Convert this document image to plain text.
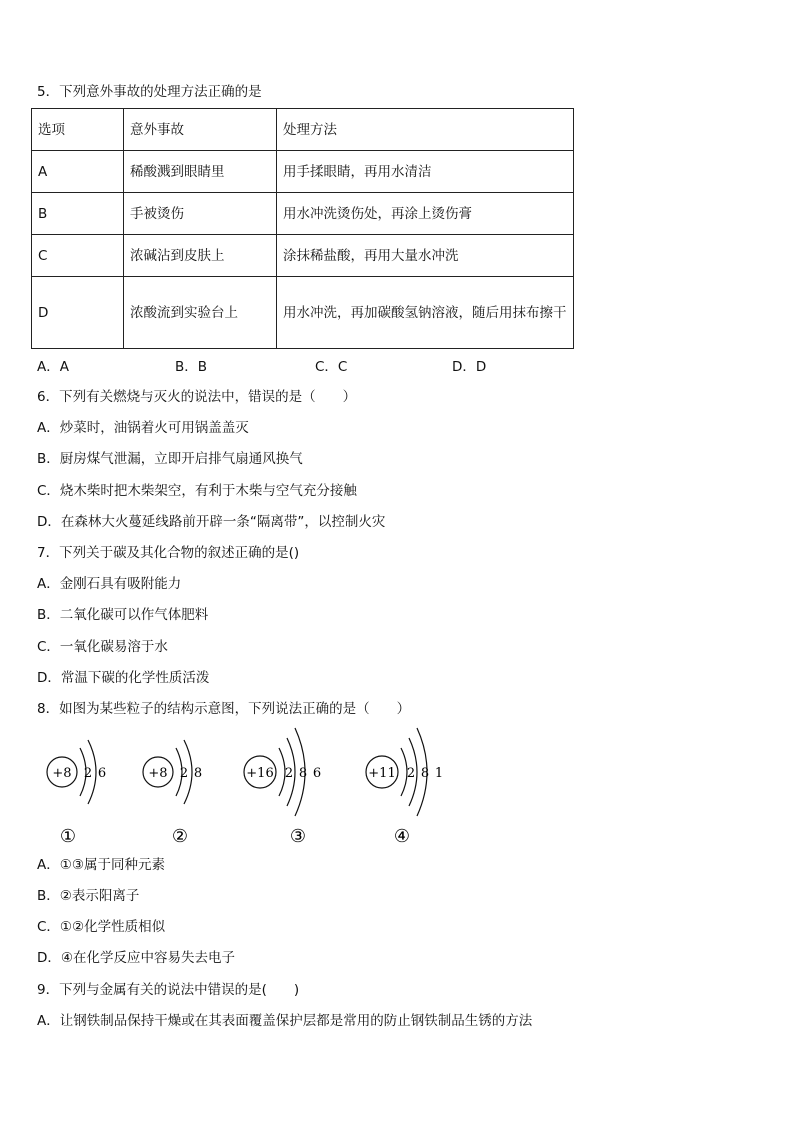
5．下列意外事故的处理方法正确的是
选项	意外事故	处理方法
A	稀酸溅到眼睛里	用手揉眼睛，再用水清洁
B	手被烫伤	用水冲洗烫伤处，再涂上烫伤膏
C	浓碱沾到皮肤上	涂抹稀盐酸，再用大量水冲洗
D	浓酸流到实验台上	用水冲洗，再加碳酸氢钠溶液，随后用抹布擦干
A．A	B．B	C．C	D．D
6．下列有关燃烧与灭火的说法中，错误的是（　　）
A．炒菜时，油锅着火可用锅盖盖灭
B．厨房煤气泄漏，立即开启排气扇通风换气
C．烧木柴时把木柴架空，有利于木柴与空气充分接触
D．在森林大火蔓延线路前开辟一条“隔离带”，以控制火灾
7．下列关于碳及其化合物的叙述正确的是()
A．金刚石具有吸附能力
B．二氧化碳可以作气体肥料
C．一氧化碳易溶于水
D．常温下碳的化学性质活泼
8．如图为某些粒子的结构示意图，下列说法正确的是（　　）
+8 2 6
①
+8 2 8
②
+16 2 8 6
③
+11 2 8 1
④
A．①③属于同种元素
B．②表示阳离子
C．①②化学性质相似
D．④在化学反应中容易失去电子
9．下列与金属有关的说法中错误的是(　　)
A．让钢铁制品保持干燥或在其表面覆盖保护层都是常用的防止钢铁制品生锈的方法
